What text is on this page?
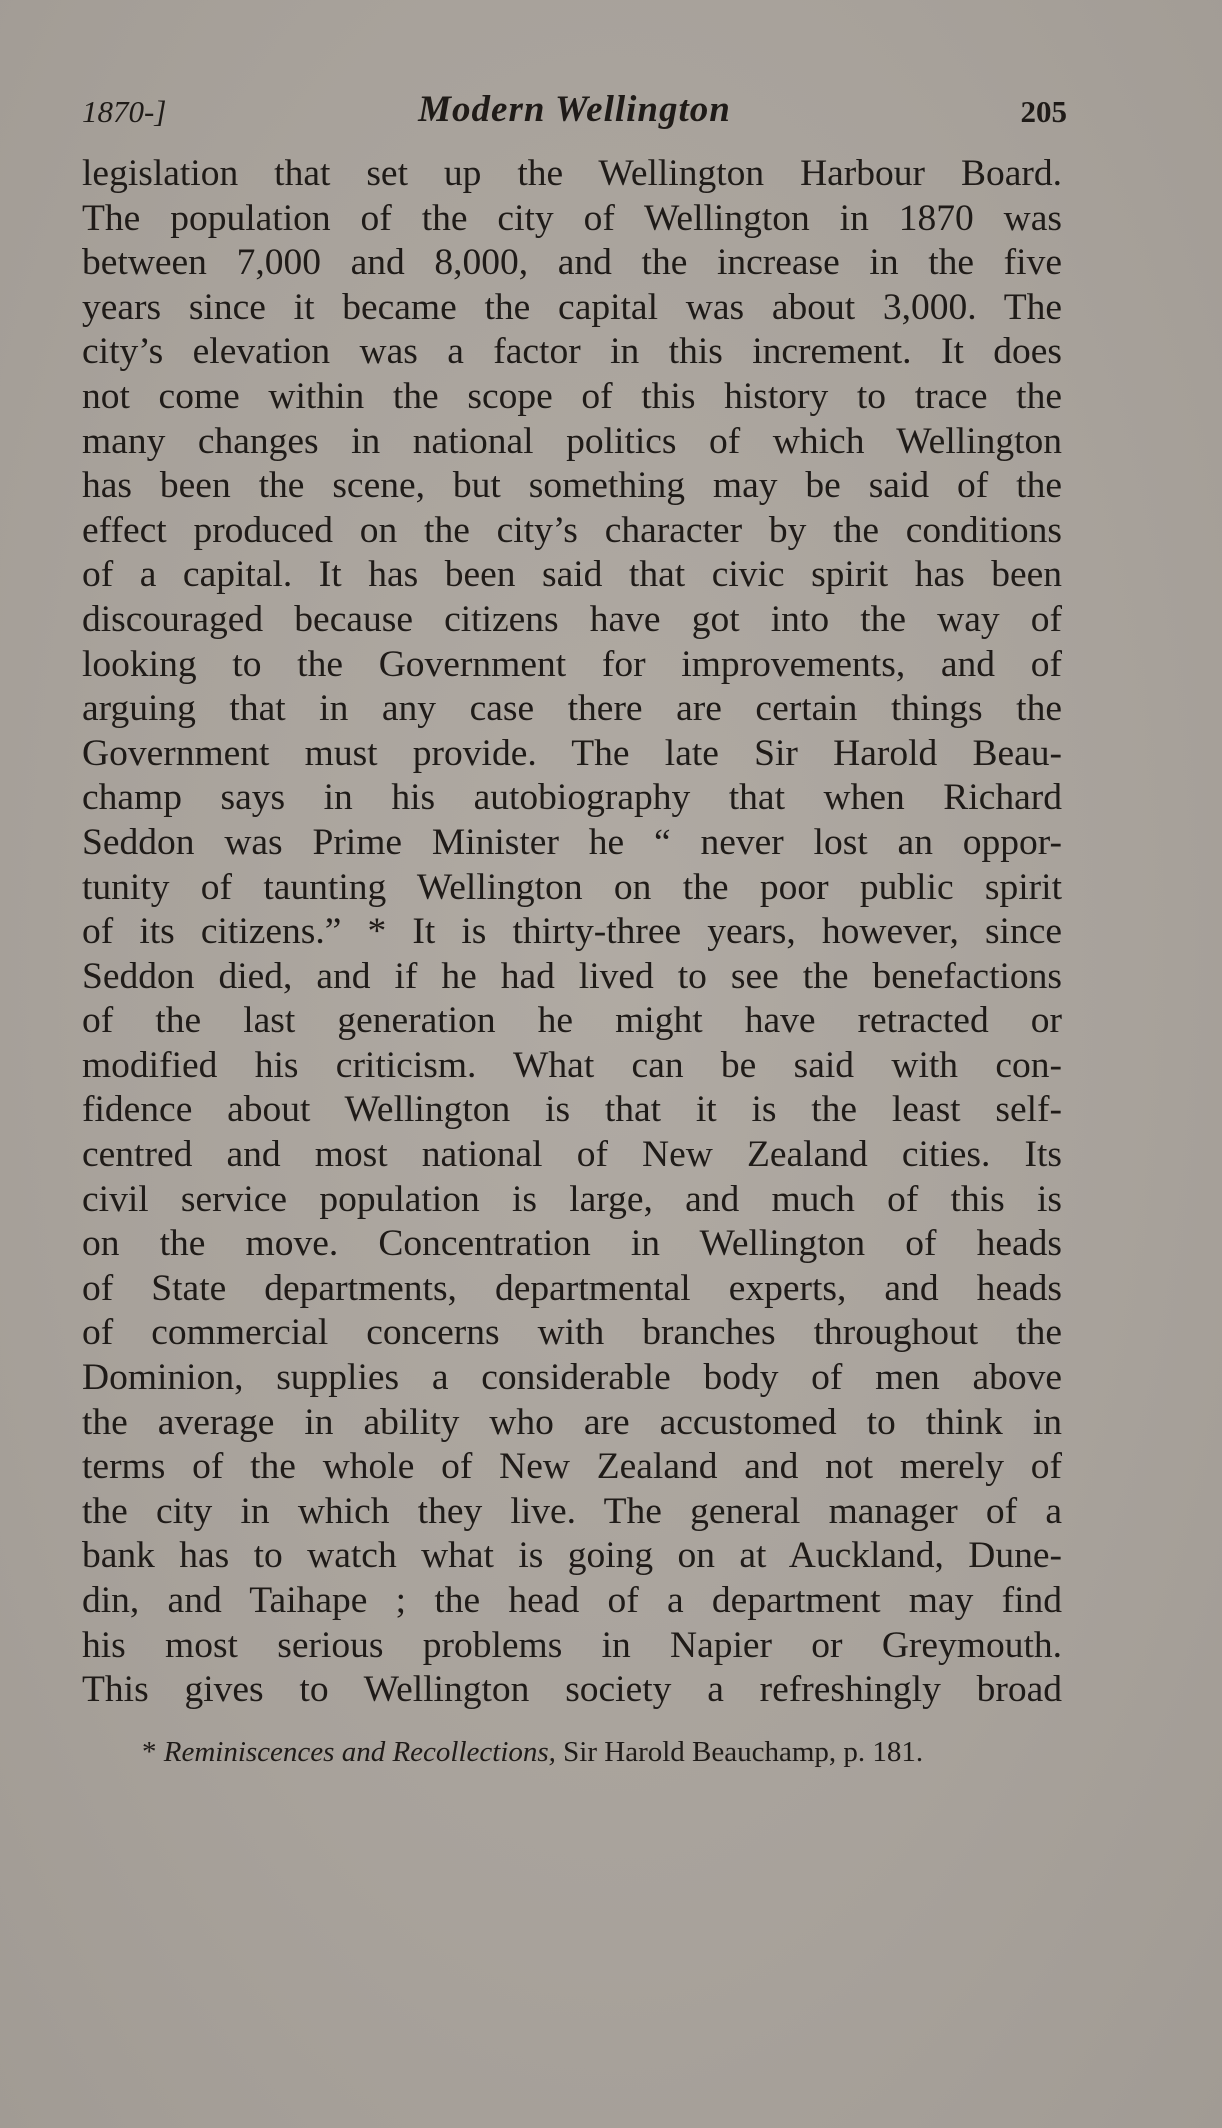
1870-]	Modern Wellington	205
legislation that set up the Wellington Harbour Board.
The population of the city of Wellington in 1870 was
between 7,000 and 8,000, and the increase in the five
years since it became the capital was about 3,000. The
city’s elevation was a factor in this increment. It does
not come within the scope of this history to trace the
many changes in national politics of which Wellington
has been the scene, but something may be said of the
effect produced on the city’s character by the conditions
of a capital. It has been said that civic spirit has been
discouraged because citizens have got into the way of
looking to the Government for improvements, and of
arguing that in any case there are certain things the
Government must provide. The late Sir Harold Beau-
champ says in his autobiography that when Richard
Seddon was Prime Minister he “ never lost an oppor-
tunity of taunting Wellington on the poor public spirit
of its citizens.” * It is thirty-three years, however, since
Seddon died, and if he had lived to see the benefactions
of the last generation he might have retracted or
modified his criticism. What can be said with con-
fidence about Wellington is that it is the least self-
centred and most national of New Zealand cities. Its
civil service population is large, and much of this is
on the move. Concentration in Wellington of heads
of State departments, departmental experts, and heads
of commercial concerns with branches throughout the
Dominion, supplies a considerable body of men above
the average in ability who are accustomed to think in
terms of the whole of New Zealand and not merely of
the city in which they live. The general manager of a
bank has to watch what is going on at Auckland, Dune-
din, and Taihape ; the head of a department may find
his most serious problems in Napier or Greymouth.
This gives to Wellington society a refreshingly broad
* Reminiscences and Recollections, Sir Harold Beauchamp, p. 181.
